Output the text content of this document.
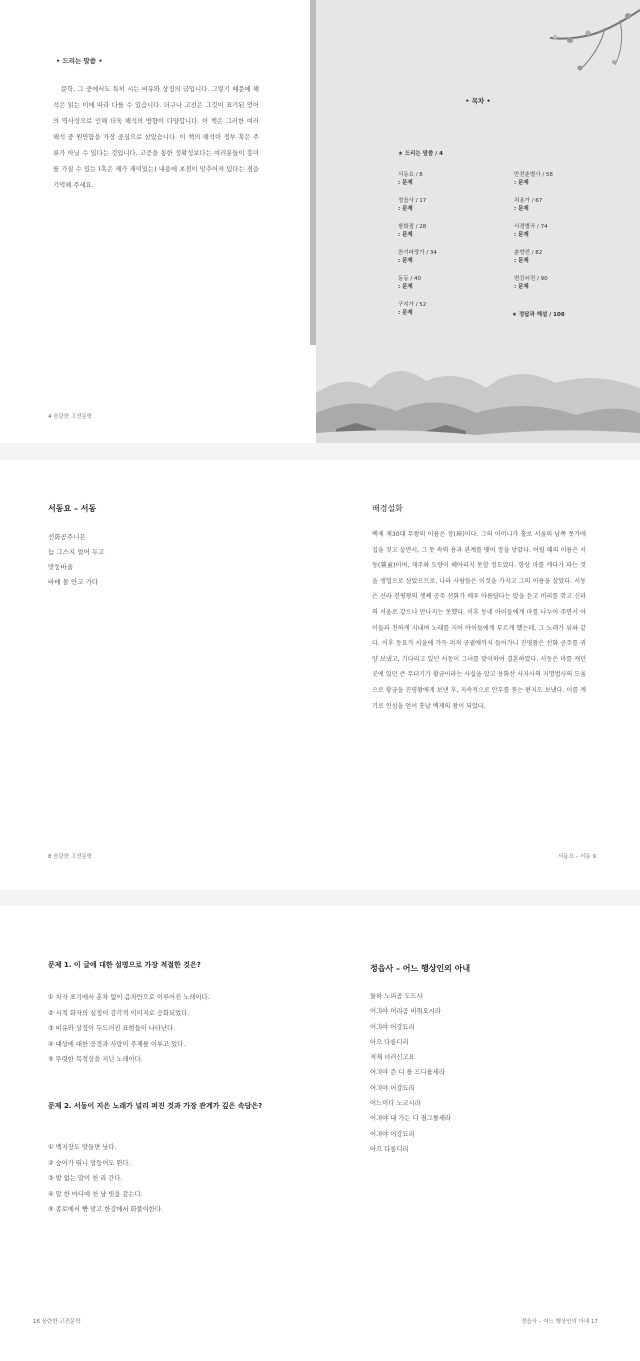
• 드리는 말씀 •
문학, 그 중에서도 특히 시는 비유와 상징의 급입니다. 그렇기 때문에 해석은 읽는 이에 따라 다를 수 있습니다. 더구나 고전은 그것이 표기된 언어의 역사성으로 인해 더욱 해석의 방향이 다양합니다. 이 책은 그러한 여러 해석 중 원만함을 가장 중심으로 삼았습니다. 이 책의 해석이 정부 혹은 주류가 아닐 수 있다는 것입니다. 고증을 통한 정확성보다는 여러분들이 흥미를 가질 수 있는 (혹은 제가 재미있는) 내용에 초점이 맞추어져 있다는 점을 기억해 주세요.
4 음란한 고전문학
• 목차 •
★ 드리는 말씀 / 4
서동요 / 8
: 문제
정읍사 / 17
: 문제
쌍화점 / 28
: 문제
찬기파랑가 / 34
: 문제
동동 / 40
: 문제
구지가 / 52
: 문제
만전춘별사 / 58
: 문제
처용가 / 67
: 문제
서경별곡 / 74
: 문제
춘향전 / 82
: 문제
변강쇠전 / 90
: 문제
★ 정답과 해설 / 108
서동요 – 서동
선화공주니믄
늠 그스지 얼어 두고
맛둥바올
바매 몰 안고 가다
8 음란한 고전문학
배경설화
백제 제30대 무왕의 이름은 장(璋)이다. 그의 어머니가 홀로 서울의 남쪽 못가에 집을 짓고 살면서, 그 못 속의 용과 관계를 맺어 장을 낳았다. 어릴 때의 이름은 서동(薯童)이며, 재주와 도량이 헤아리지 못할 정도였다. 항상 마를 캐다가 파는 것을 생업으로 삼았으므로, 나라 사람들은 이것을 가지고 그의 이름을 삼았다. 서동은 신라 진평왕의 셋째 공주 선화가 매우 아름답다는 말을 듣고 머리를 깎고 신라의 서울로 갔으나 만나지는 못했다. 이후 동네 아이들에게 마를 나누어 주면서 아이들과 친하게 지내며 노래를 지어 아이들에게 부르게 했는데, 그 노래가 위와 같다. 이후 동요가 서울에 가득 퍼져 궁궐에까지 들어가니 진평왕은 선화 공주를 귀양 보냈고, 기다리고 있던 서동이 그녀를 맞이하여 결혼하였다. 서동은 마를 캐던 곳에 있던 큰 무더기가 황금이라는 사실을 알고 용화산 사자사의 지명법사의 도움으로 황금을 진평왕에게 보낸 후, 지속적으로 안부를 묻는 편지도 보냈다. 이를 계기로 인심을 얻어 훗날 백제의 왕이 되었다.
서동요 – 서동 9
문제 1. 이 글에 대한 설명으로 가장 적절한 것은?
① 차자 표기에서 훈차 없이 음차만으로 이루어진 노래이다.
② 시적 화자의 심정이 감각적 이미지로 승화되었다.
③ 비유와 상징이 두드러진 표현들이 나타난다.
④ 대상에 대한 공경과 사랑이 주제를 이루고 있다.
⑤ 뚜렷한 목적성을 지닌 노래이다.
문제 2. 서동이 지은 노래가 널리 퍼진 것과 가장 관계가 깊은 속담은?
① 백지장도 맞들면 낫다.
② 숭어가 뛰니 망둥어도 뛴다.
③ 발 없는 말이 천 리 간다.
④ 말 한 마디에 천 냥 빚을 갚는다.
⑤ 종로에서 뺨 맞고 한강에서 화풀이한다.
16 음란한 고전문학
정읍사 – 어느 행상인의 아내
둘하 노피곰 도드샤
어긔야 머리곰 비취오시라
어긔야 어강됴리
아으 다롱디리
져재 녀러신고요
어긔야 즌 디 를 드디욜세라
어긔야 어강됴리
어느이다 노코시라
어긔야 내 가는 디 졈그룰세라
어긔야 어강됴리
아으 다롱디리
정읍사 – 어느 행상인의 아내 17
